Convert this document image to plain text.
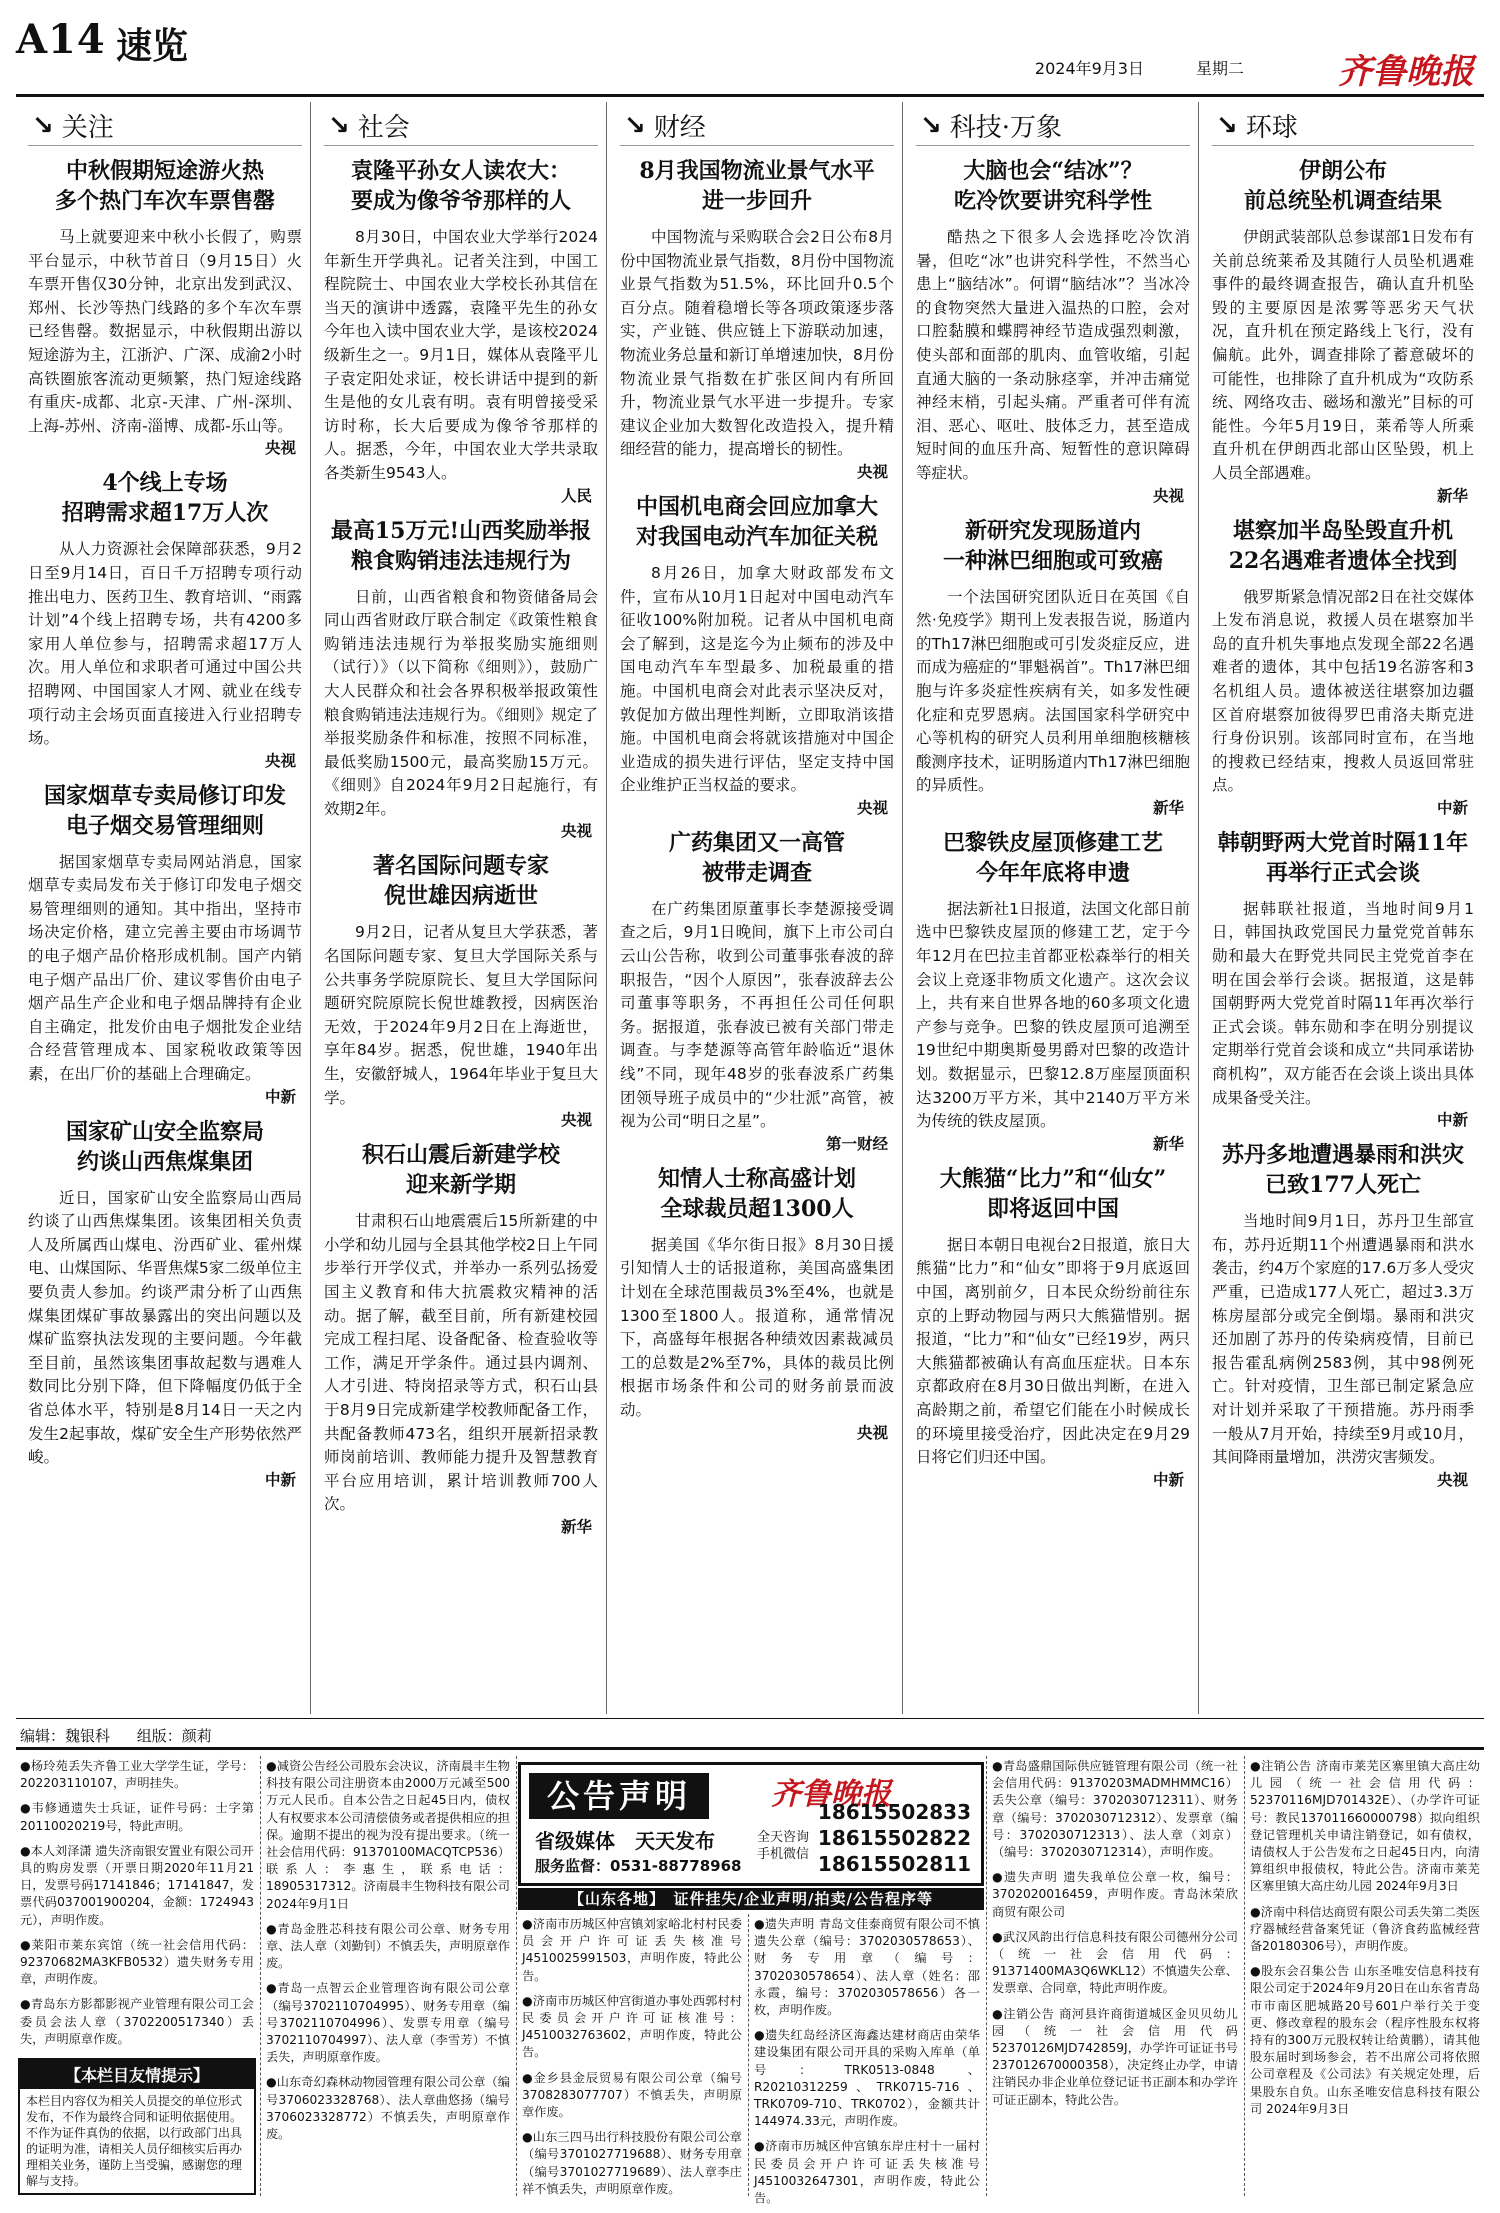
A14 速览
2024年9月3日	星期二	齐鲁晚报
↘ 关注
中秋假期短途游火热
多个热门车次车票售罄

马上就要迎来中秋小长假了，购票平台显示，中秋节首日（9月15日）火车票开售仅30分钟，北京出发到武汉、郑州、长沙等热门线路的多个车次车票已经售罄。数据显示，中秋假期出游以短途游为主，江浙沪、广深、成渝2小时高铁圈旅客流动更频繁，热门短途线路有重庆-成都、北京-天津、广州-深圳、上海-苏州、济南-淄博、成都-乐山等。

央视
4个线上专场
招聘需求超17万人次

从人力资源社会保障部获悉，9月2日至9月14日，百日千万招聘专项行动推出电力、医药卫生、教育培训、“雨露计划”4个线上招聘专场，共有4200多家用人单位参与，招聘需求超17万人次。用人单位和求职者可通过中国公共招聘网、中国国家人才网、就业在线专项行动主会场页面直接进入行业招聘专场。

央视
国家烟草专卖局修订印发
电子烟交易管理细则

据国家烟草专卖局网站消息，国家烟草专卖局发布关于修订印发电子烟交易管理细则的通知。其中指出，坚持市场决定价格，建立完善主要由市场调节的电子烟产品价格形成机制。国产内销电子烟产品出厂价、建议零售价由电子烟产品生产企业和电子烟品牌持有企业自主确定，批发价由电子烟批发企业结合经营管理成本、国家税收政策等因素，在出厂价的基础上合理确定。

中新
国家矿山安全监察局
约谈山西焦煤集团

近日，国家矿山安全监察局山西局约谈了山西焦煤集团。该集团相关负责人及所属西山煤电、汾西矿业、霍州煤电、山煤国际、华晋焦煤5家二级单位主要负责人参加。约谈严肃分析了山西焦煤集团煤矿事故暴露出的突出问题以及煤矿监察执法发现的主要问题。今年截至目前，虽然该集团事故起数与遇难人数同比分别下降，但下降幅度仍低于全省总体水平，特别是8月14日一天之内发生2起事故，煤矿安全生产形势依然严峻。

中新
↘ 社会
袁隆平孙女人读农大：
要成为像爷爷那样的人

8月30日，中国农业大学举行2024年新生开学典礼。记者关注到，中国工程院院士、中国农业大学校长孙其信在当天的演讲中透露，袁隆平先生的孙女今年也入读中国农业大学，是该校2024级新生之一。9月1日，媒体从袁隆平儿子袁定阳处求证，校长讲话中提到的新生是他的女儿袁有明。袁有明曾接受采访时称，长大后要成为像爷爷那样的人。据悉，今年，中国农业大学共录取各类新生9543人。

人民
最高15万元!山西奖励举报
粮食购销违法违规行为

日前，山西省粮食和物资储备局会同山西省财政厅联合制定《政策性粮食购销违法违规行为举报奖励实施细则（试行）》（以下简称《细则》），鼓励广大人民群众和社会各界积极举报政策性粮食购销违法违规行为。《细则》规定了举报奖励条件和标准，按照不同标准，最低奖励1500元，最高奖励15万元。《细则》自2024年9月2日起施行，有效期2年。

央视
著名国际问题专家
倪世雄因病逝世

9月2日，记者从复旦大学获悉，著名国际问题专家、复旦大学国际关系与公共事务学院原院长、复旦大学国际问题研究院原院长倪世雄教授，因病医治无效，于2024年9月2日在上海逝世，享年84岁。据悉，倪世雄，1940年出生，安徽舒城人，1964年毕业于复旦大学。

央视
积石山震后新建学校
迎来新学期

甘肃积石山地震震后15所新建的中小学和幼儿园与全县其他学校2日上午同步举行开学仪式，并举办一系列弘扬爱国主义教育和伟大抗震救灾精神的活动。据了解，截至目前，所有新建校园完成工程扫尾、设备配备、检查验收等工作，满足开学条件。通过县内调剂、人才引进、特岗招录等方式，积石山县于8月9日完成新建学校教师配备工作，共配备教师473名，组织开展新招录教师岗前培训、教师能力提升及智慧教育平台应用培训，累计培训教师700人次。

新华
↘ 财经
8月我国物流业景气水平
进一步回升

中国物流与采购联合会2日公布8月份中国物流业景气指数，8月份中国物流业景气指数为51.5%，环比回升0.5个百分点。随着稳增长等各项政策逐步落实，产业链、供应链上下游联动加速，物流业务总量和新订单增速加快，8月份物流业景气指数在扩张区间内有所回升，物流业景气水平进一步提升。专家建议企业加大数智化改造投入，提升精细经营的能力，提高增长的韧性。

央视
中国机电商会回应加拿大
对我国电动汽车加征关税

8月26日，加拿大财政部发布文件，宣布从10月1日起对中国电动汽车征收100%附加税。记者从中国机电商会了解到，这是迄今为止频布的涉及中国电动汽车车型最多、加税最重的措施。中国机电商会对此表示坚决反对，敦促加方做出理性判断，立即取消该措施。中国机电商会将就该措施对中国企业造成的损失进行评估，坚定支持中国企业维护正当权益的要求。

央视
广药集团又一高管
被带走调查

在广药集团原董事长李楚源接受调查之后，9月1日晚间，旗下上市公司白云山公告称，收到公司董事张春波的辞职报告，“因个人原因”，张春波辞去公司董事等职务，不再担任公司任何职务。据报道，张春波已被有关部门带走调查。与李楚源等高管年龄临近“退休线”不同，现年48岁的张春波系广药集团领导班子成员中的“少壮派”高管，被视为公司“明日之星”。

第一财经
知情人士称高盛计划
全球裁员超1300人

据美国《华尔街日报》8月30日援引知情人士的话报道称，美国高盛集团计划在全球范围裁员3%至4%，也就是1300至1800人。报道称，通常情况下，高盛每年根据各种绩效因素裁减员工的总数是2%至7%，具体的裁员比例根据市场条件和公司的财务前景而波动。

央视
↘ 科技·万象
大脑也会“结冰”？
吃冷饮要讲究科学性

酷热之下很多人会选择吃冷饮消暑，但吃“冰”也讲究科学性，不然当心患上“脑结冰”。何谓“脑结冰”？当冰冷的食物突然大量进入温热的口腔，会对口腔黏膜和蝶腭神经节造成强烈刺激，使头部和面部的肌肉、血管收缩，引起直通大脑的一条动脉痉挛，并冲击痛觉神经末梢，引起头痛。严重者可伴有流泪、恶心、呕吐、肢体乏力，甚至造成短时间的血压升高、短暂性的意识障碍等症状。

央视
新研究发现肠道内
一种淋巴细胞或可致癌

一个法国研究团队近日在英国《自然·免疫学》期刊上发表报告说，肠道内的Th17淋巴细胞或可引发炎症反应，进而成为癌症的“罪魁祸首”。Th17淋巴细胞与许多炎症性疾病有关，如多发性硬化症和克罗恩病。法国国家科学研究中心等机构的研究人员利用单细胞核糖核酸测序技术，证明肠道内Th17淋巴细胞的异质性。

新华
巴黎铁皮屋顶修建工艺
今年年底将申遗

据法新社1日报道，法国文化部日前选中巴黎铁皮屋顶的修建工艺，定于今年12月在巴拉圭首都亚松森举行的相关会议上竞逐非物质文化遗产。这次会议上，共有来自世界各地的60多项文化遗产参与竞争。巴黎的铁皮屋顶可追溯至19世纪中期奥斯曼男爵对巴黎的改造计划。数据显示，巴黎12.8万座屋顶面积达3200万平方米，其中2140万平方米为传统的铁皮屋顶。

新华
大熊猫“比力”和“仙女”
即将返回中国

据日本朝日电视台2日报道，旅日大熊猫“比力”和“仙女”即将于9月底返回中国，离别前夕，日本民众纷纷前往东京的上野动物园与两只大熊猫惜别。据报道，“比力”和“仙女”已经19岁，两只大熊猫都被确认有高血压症状。日本东京都政府在8月30日做出判断，在进入高龄期之前，希望它们能在小时候成长的环境里接受治疗，因此决定在9月29日将它们归还中国。

中新
↘ 环球
伊朗公布
前总统坠机调查结果

伊朗武装部队总参谋部1日发布有关前总统莱希及其随行人员坠机遇难事件的最终调查报告，确认直升机坠毁的主要原因是浓雾等恶劣天气状况，直升机在预定路线上飞行，没有偏航。此外，调查排除了蓄意破坏的可能性，也排除了直升机成为“攻防系统、网络攻击、磁场和激光”目标的可能性。今年5月19日，莱希等人所乘直升机在伊朗西北部山区坠毁，机上人员全部遇难。

新华
堪察加半岛坠毁直升机
22名遇难者遗体全找到

俄罗斯紧急情况部2日在社交媒体上发布消息说，救援人员在堪察加半岛的直升机失事地点发现全部22名遇难者的遗体，其中包括19名游客和3名机组人员。遗体被送往堪察加边疆区首府堪察加彼得罗巴甫洛夫斯克进行身份识别。该部同时宣布，在当地的搜救已经结束，搜救人员返回常驻点。

中新
韩朝野两大党首时隔11年
再举行正式会谈

据韩联社报道，当地时间9月1日，韩国执政党国民力量党党首韩东勋和最大在野党共同民主党党首李在明在国会举行会谈。据报道，这是韩国朝野两大党党首时隔11年再次举行正式会谈。韩东勋和李在明分别提议定期举行党首会谈和成立“共同承诺协商机构”，双方能否在会谈上谈出具体成果备受关注。

中新
苏丹多地遭遇暴雨和洪灾
已致177人死亡

当地时间9月1日，苏丹卫生部宣布，苏丹近期11个州遭遇暴雨和洪水袭击，约4万个家庭的17.6万多人受灾严重，已造成177人死亡，超过3.3万栋房屋部分或完全倒塌。暴雨和洪灾还加剧了苏丹的传染病疫情，目前已报告霍乱病例2583例，其中98例死亡。针对疫情，卫生部已制定紧急应对计划并采取了干预措施。苏丹雨季一般从7月开始，持续至9月或10月，其间降雨量增加，洪涝灾害频发。

央视
编辑：魏银科 组版：颜莉
公告声明	齐鲁晚报
省级媒体　天天发布	全天咨询
手机微信
18615502833
18615502822
18615502811
服务监督：0531-88778968
【山东各地】　证件挂失/企业声明/拍卖/公告程序等
●杨玲苑丢失齐鲁工业大学学生证，学号：202203110107，声明挂失。
●韦修通遗失士兵证，证件号码：士字第20110020219号，特此声明。
●本人刘泽潇 遗失济南银安置业有限公司开具的购房发票（开票日期2020年11月21日，发票号码17141846；17141847，发票代码037001900204，金额：1724943元），声明作废。
●莱阳市莱东宾馆（统一社会信用代码：92370682MA3KFB0532）遗失财务专用章，声明作废。
●青岛东方影都影视产业管理有限公司工会委员会法人章（3702200517340）丢失，声明原章作废。
【本栏目友情提示】
本栏目内容仅为相关人员提交的单位形式发布，不作为最终合同和证明依据使用。不作为证件真伪的依据，以行政部门出具的证明为准，请相关人员仔细核实后再办理相关业务，谨防上当受骗，感谢您的理解与支持。
●减资公告经公司股东会决议，济南晨丰生物科技有限公司注册资本由2000万元减至500万元人民币。自本公告之日起45日内，债权人有权要求本公司清偿债务或者提供相应的担保。逾期不提出的视为没有提出要求。（统一社会信用代码：91370100MACQTCP536）联系人：李惠生，联系电话：18905317312。济南晨丰生物科技有限公司2024年9月1日
●青岛金胜芯科技有限公司公章、财务专用章、法人章（刘勤钊）不慎丢失，声明原章作废。
●青岛一点智云企业管理咨询有限公司公章（编号3702110704995）、财务专用章（编号3702110704996）、发票专用章（编号3702110704997）、法人章（李雪芳）不慎丢失，声明原章作废。
●山东奇幻森林动物园管理有限公司公章（编号3706023328768）、法人章曲悠扬（编号3706023328772）不慎丢失，声明原章作废。
●济南市历城区仲宫镇刘家峪北村村民委员会开户许可证丢失核准号J4510025991503，声明作废，特此公告。
●济南市历城区仲宫街道办事处西郭村村民委员会开户许可证核准号：J4510032763602，声明作废，特此公告。
●金乡县金辰贸易有限公司公章（编号3708283077707）不慎丢失，声明原章作废。
●山东三四马出行科技股份有限公司公章（编号3701027719688）、财务专用章（编号3701027719689）、法人章李庄祥不慎丢失，声明原章作废。
●遗失声明 青岛文佳泰商贸有限公司不慎遗失公章（编号：3702030578653）、财务专用章（编号：3702030578654）、法人章（姓名：邵永霞，编号：3702030578656）各一枚，声明作废。
●遗失红岛经济区海鑫达建材商店由荣华建设集团有限公司开具的采购入库单（单号：TRK0513-0848、R20210312259、TRK0715-716、TRK0709-710、TRK0702），金额共计144974.33元，声明作废。
●济南市历城区仲宫镇东岸庄村十一届村民委员会开户许可证丢失核准号J4510032647301，声明作废，特此公告。
●青岛盛鼎国际供应链管理有限公司（统一社会信用代码：91370203MADMHMMC16）丢失公章（编号：3702030712311）、财务章（编号：3702030712312）、发票章（编号：3702030712313）、法人章（刘京）（编号：3702030712314），声明作废。
●遗失声明 遗失我单位公章一枚，编号：3702020016459，声明作废。青岛沐荣欣商贸有限公司
●武汉风韵出行信息科技有限公司德州分公司（统一社会信用代码：91371400MA3Q6WKL12）不慎遗失公章、发票章、合同章，特此声明作废。
●注销公告 商河县许商街道城区金贝贝幼儿园（统一社会信用代码52370126MJD742859J，办学许可证证书号237012670000358），决定终止办学，申请注销民办非企业单位登记证书正副本和办学许可证正副本，特此公告。
●注销公告 济南市莱芜区寨里镇大高庄幼儿园（统一社会信用代码：52370116MJD701432E）、（办学许可证号：教民137011660000798）拟向组织登记管理机关申请注销登记，如有债权，请债权人于公告发布之日起45日内，向清算组织申报债权，特此公告。济南市莱芜区寨里镇大高庄幼儿园 2024年9月3日
●济南中科信达商贸有限公司丢失第二类医疗器械经营备案凭证（鲁济食药监械经营备20180306号），声明作废。
●股东会召集公告 山东圣唯安信息科技有限公司定于2024年9月20日在山东省青岛市市南区肥城路20号601户举行关于变更、修改章程的股东会（程序性股东权将持有的300万元股权转让给黄鹏），请其他股东届时到场参会，若不出席公司将依照公司章程及《公司法》有关规定处理，后果股东自负。山东圣唯安信息科技有限公司 2024年9月3日
